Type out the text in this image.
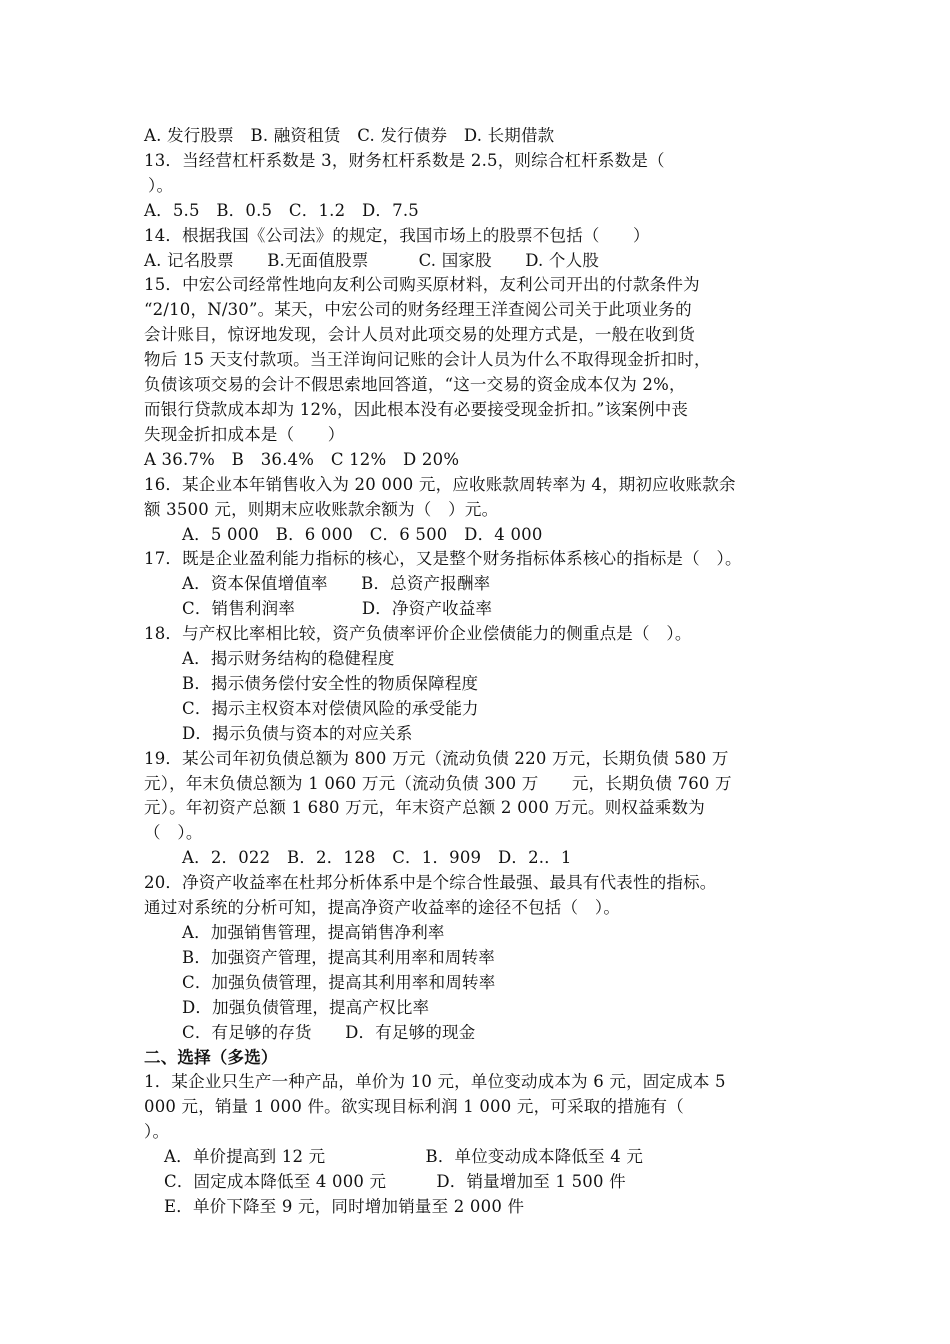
A. 发行股票　B. 融资租赁　C. 发行债券　D. 长期借款
13．当经营杠杆系数是 3，财务杠杆系数是 2.5，则综合杠杆系数是（
）。
A．5.5　B．0.5　C．1.2　D．7.5
14．根据我国《公司法》的规定，我国市场上的股票不包括（　　）
A. 记名股票　　B.无面值股票　　　C. 国家股　　D. 个人股
15．中宏公司经常性地向友利公司购买原材料，友利公司开出的付款条件为
“2/10，N/30”。某天，中宏公司的财务经理王洋查阅公司关于此项业务的
会计账目，惊讶地发现，会计人员对此项交易的处理方式是，一般在收到货
物后 15 天支付款项。当王洋询问记账的会计人员为什么不取得现金折扣时，
负债该项交易的会计不假思索地回答道，“这一交易的资金成本仅为 2%，
而银行贷款成本却为 12%，因此根本没有必要接受现金折扣。”该案例中丧
失现金折扣成本是（　　）
A 36.7%　B　36.4%　C 12%　D 20%
16．某企业本年销售收入为 20 000 元，应收账款周转率为 4，期初应收账款余
额 3500 元，则期末应收账款余额为（　）元。
A．5 000　B．6 000　C．6 500　D．4 000
17．既是企业盈利能力指标的核心，又是整个财务指标体系核心的指标是（　）。
A．资本保值增值率　　B．总资产报酬率
C．销售利润率　　　　D．净资产收益率
18．与产权比率相比较，资产负债率评价企业偿债能力的侧重点是（　）。
A．揭示财务结构的稳健程度
B．揭示债务偿付安全性的物质保障程度
C．揭示主权资本对偿债风险的承受能力
D．揭示负债与资本的对应关系
19．某公司年初负债总额为 800 万元（流动负债 220 万元，长期负债 580 万
元），年末负债总额为 1 060 万元（流动负债 300 万　　元，长期负债 760 万
元）。年初资产总额 1 680 万元，年末资产总额 2 000 万元。则权益乘数为
（　）。
A．2．022　B．2．128　C．1．909　D．2.．1
20．净资产收益率在杜邦分析体系中是个综合性最强、最具有代表性的指标。
通过对系统的分析可知，提高净资产收益率的途径不包括（　）。
A．加强销售管理，提高销售净利率
B．加强资产管理，提高其利用率和周转率
C．加强负债管理，提高其利用率和周转率
D．加强负债管理，提高产权比率
C．有足够的存货　　D．有足够的现金
二、选择（多选）
1．某企业只生产一种产品，单价为 10 元，单位变动成本为 6 元，固定成本 5
000 元，销量 1 000 件。欲实现目标利润 1 000 元，可采取的措施有（
）。
A．单价提高到 12 元　　　　　　B．单位变动成本降低至 4 元
C．固定成本降低至 4 000 元　　　D．销量增加至 1 500 件
E．单价下降至 9 元，同时增加销量至 2 000 件
